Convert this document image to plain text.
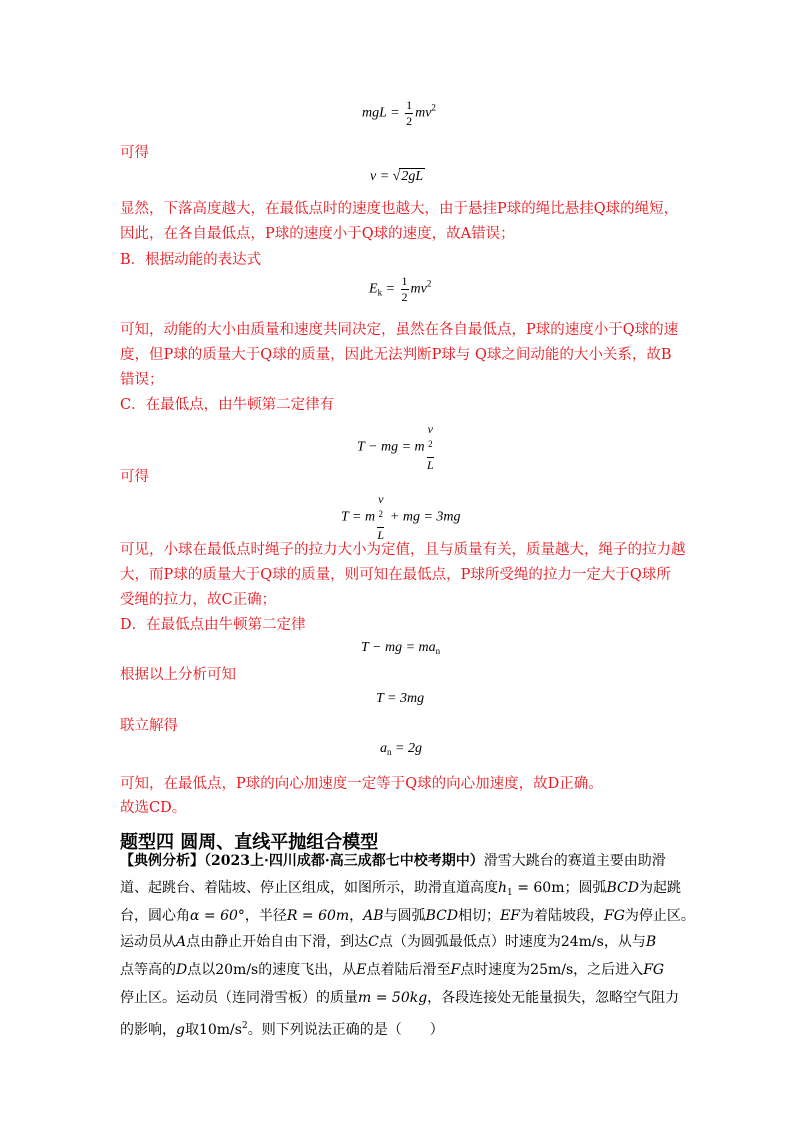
mgL = $\frac{1}{2} mv^2$
可得
v = √2gL
显然，下落高度越大，在最低点时的速度也越大，由于悬挂P球的绳比悬挂Q球的绳短，
因此，在各自最低点，P球的速度小于Q球的速度，故A错误；
B．根据动能的表达式
$E_k = \frac{1}{2} mv^2$
可知，动能的大小由质量和速度共同决定，虽然在各自最低点，P球的速度小于Q球的速
度，但P球的质量大于Q球的质量，因此无法判断P球与 Q球之间动能的大小关系，故B
错误；
C．在最低点，由牛顿第二定律有
T − mg = m v
$^2$
L
可得
T = m v
$^2$
L + mg = 3mg
可见，小球在最低点时绳子的拉力大小为定值，且与质量有关，质量越大，绳子的拉力越
大，而P球的质量大于Q球的质量，则可知在最低点，P球所受绳的拉力一定大于Q球所
受绳的拉力，故C正确；
D．在最低点由牛顿第二定律
T − mg = $ma_n$
根据以上分析可知
T = 3mg
联立解得
$a_n = 2g$
可知，在最低点，P球的向心加速度一定等于Q球的向心加速度，故D正确。
故选CD。
题型四 圆周、直线平抛组合模型
【典例分析】（2023上·四川成都·高三成都七中校考期中）滑雪大跳台的赛道主要由助滑
道、起跳台、着陆坡、停止区组成，如图所示，助滑直道高度$h_1 = 60m$；圆弧BCD为起跳
台，圆心角α = 60°，半径R = 60m，AB与圆弧BCD相切；EF为着陆坡段，FG为停止区。
运动员从A点由静止开始自由下滑，到达C点（为圆弧最低点）时速度为24m/s，从与B
点等高的D点以20m/s的速度飞出，从E点着陆后滑至F点时速度为25m/s，之后进入FG
停止区。运动员（连同滑雪板）的质量m = 50kg，各段连接处无能量损失，忽略空气阻力
的影响，g取$10m/s^2$。则下列说法正确的是（　　）
